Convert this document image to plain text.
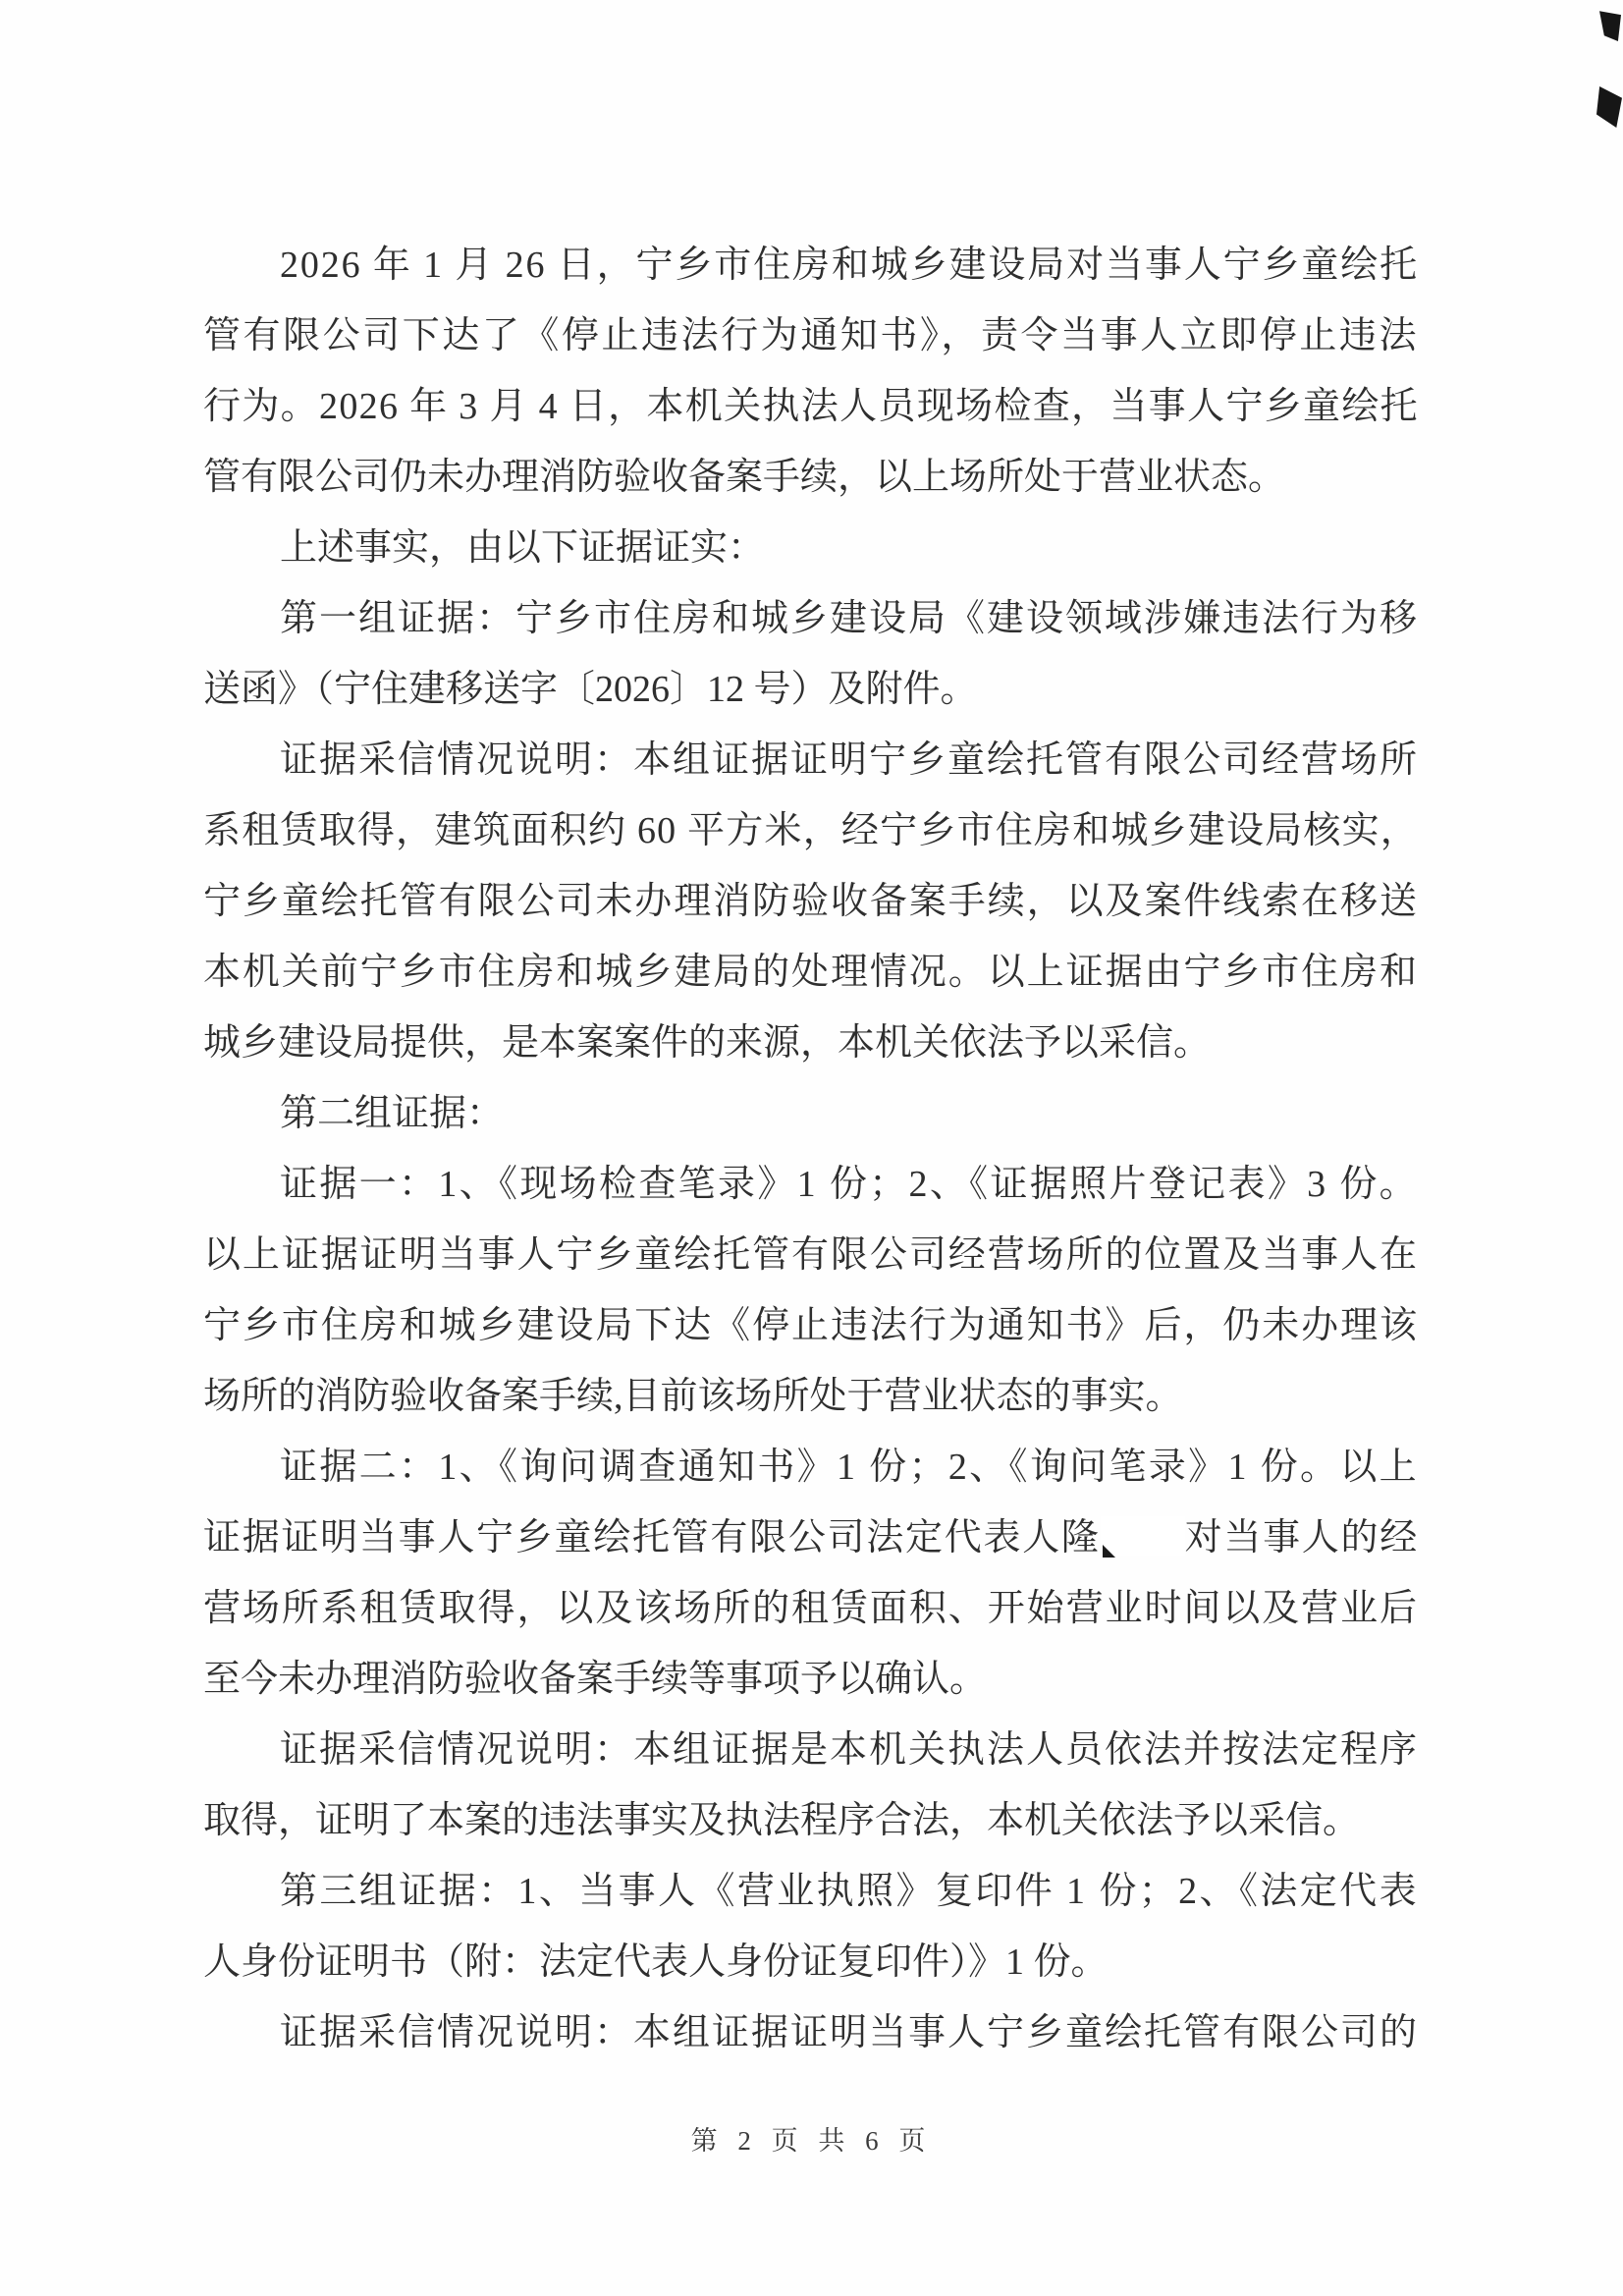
2026 年 1 月 26 日，宁乡市住房和城乡建设局对当事人宁乡童绘托
管有限公司下达了《停止违法行为通知书》，责令当事人立即停止违法
行为。2026 年 3 月 4 日，本机关执法人员现场检查，当事人宁乡童绘托
管有限公司仍未办理消防验收备案手续，以上场所处于营业状态。
上述事实，由以下证据证实：
第一组证据：宁乡市住房和城乡建设局《建设领域涉嫌违法行为移
送函》（宁住建移送字〔2026〕12 号）及附件。
证据采信情况说明：本组证据证明宁乡童绘托管有限公司经营场所
系租赁取得，建筑面积约 60 平方米，经宁乡市住房和城乡建设局核实，
宁乡童绘托管有限公司未办理消防验收备案手续，以及案件线索在移送
本机关前宁乡市住房和城乡建局的处理情况。以上证据由宁乡市住房和
城乡建设局提供，是本案案件的来源，本机关依法予以采信。
第二组证据：
证据一：1、《现场检查笔录》1 份；2、《证据照片登记表》3 份。
以上证据证明当事人宁乡童绘托管有限公司经营场所的位置及当事人在
宁乡市住房和城乡建设局下达《停止违法行为通知书》后，仍未办理该
场所的消防验收备案手续,目前该场所处于营业状态的事实。
证据二：1、《询问调查通知书》1 份；2、《询问笔录》1 份。以上
证据证明当事人宁乡童绘托管有限公司法定代表人隆 对当事人的经
营场所系租赁取得，以及该场所的租赁面积、开始营业时间以及营业后
至今未办理消防验收备案手续等事项予以确认。
证据采信情况说明：本组证据是本机关执法人员依法并按法定程序
取得，证明了本案的违法事实及执法程序合法，本机关依法予以采信。
第三组证据：1、当事人《营业执照》复印件 1 份；2、《法定代表
人身份证明书（附：法定代表人身份证复印件）》1 份。
证据采信情况说明：本组证据证明当事人宁乡童绘托管有限公司的
第 2 页 共 6 页
